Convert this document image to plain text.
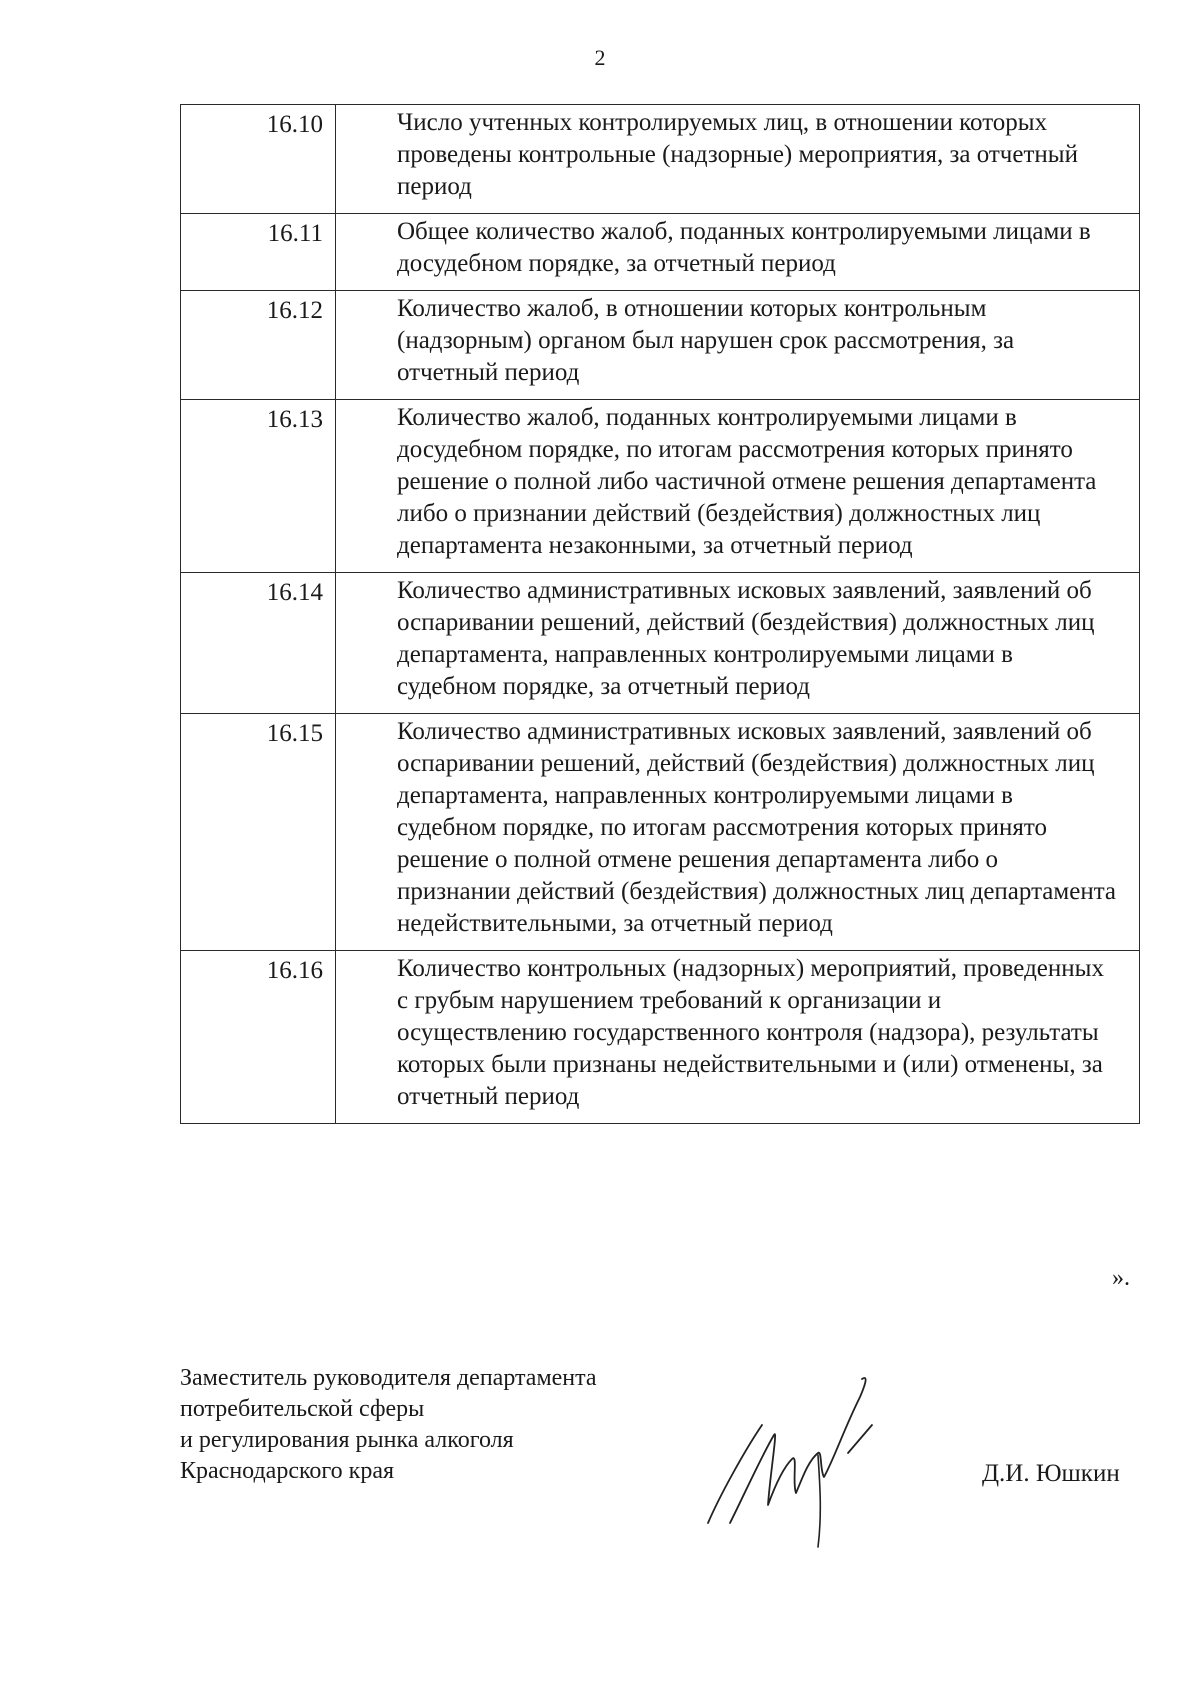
2
16.10	Число учтенных контролируемых лиц, в отношении которых проведены контрольные (надзорные) мероприятия, за отчетный период
16.11	Общее количество жалоб, поданных контролируемыми лицами в досудебном порядке, за отчетный период
16.12	Количество жалоб, в отношении которых контрольным (надзорным) органом был нарушен срок рассмотрения, за отчетный период
16.13	Количество жалоб, поданных контролируемыми лицами в досудебном порядке, по итогам рассмотрения которых принято решение о полной либо частичной отмене решения департамента либо о признании действий (бездействия) должностных лиц департамента незаконными, за отчетный период
16.14	Количество административных исковых заявлений, заявлений об оспаривании решений, действий (бездействия) должностных лиц департамента, направленных контролируемыми лицами в судебном порядке, за отчетный период
16.15	Количество административных исковых заявлений, заявлений об оспаривании решений, действий (бездействия) должностных лиц департамента, направленных контролируемыми лицами в судебном порядке, по итогам рассмотрения которых принято решение о полной отмене решения департамента либо о признании действий (бездействия) должностных лиц департамента недействительными, за отчетный период
16.16	Количество контрольных (надзорных) мероприятий, проведенных с грубым нарушением требований к организации и осуществлению государственного контроля (надзора), результаты которых были признаны недействительными и (или) отменены, за отчетный период
».
Заместитель руководителя департамента
потребительской сферы
и регулирования рынка алкоголя
Краснодарского края	Д.И. Юшкин
